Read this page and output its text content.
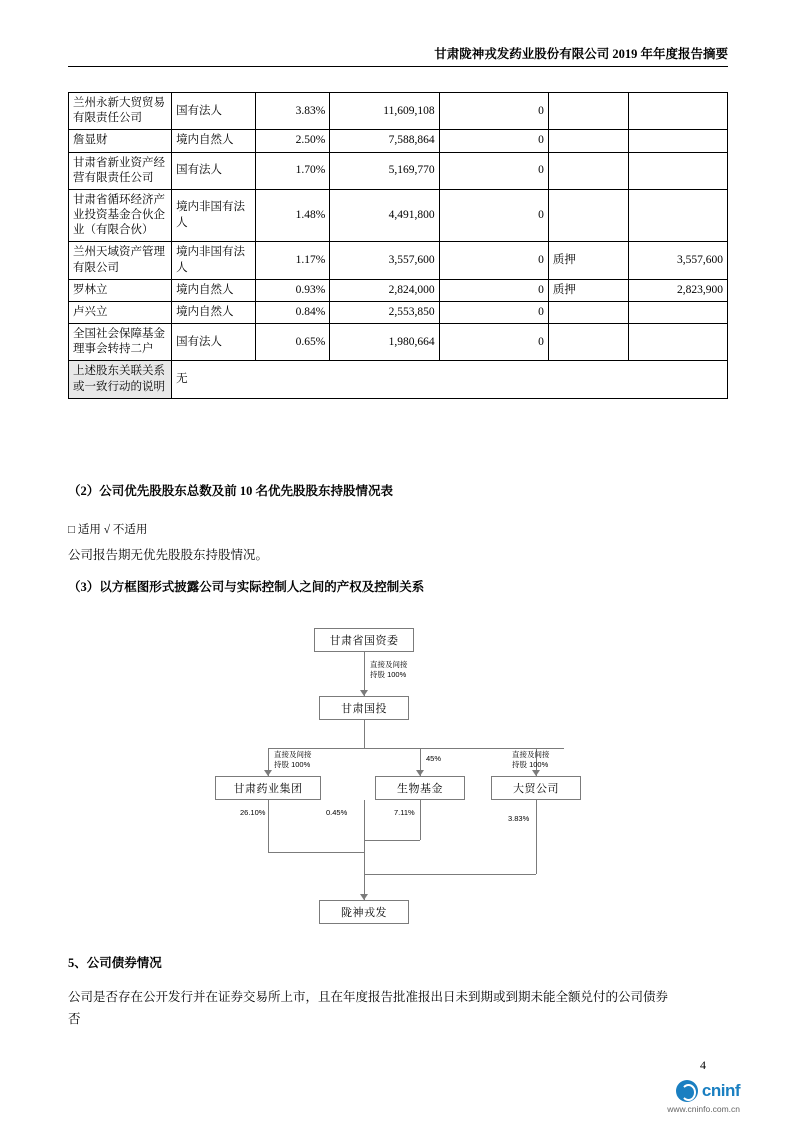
甘肃陇神戎发药业股份有限公司 2019 年年度报告摘要
兰州永新大贸贸易有限责任公司	国有法人	3.83%	11,609,108	0		
詹显财	境内自然人	2.50%	7,588,864	0		
甘肃省新业资产经营有限责任公司	国有法人	1.70%	5,169,770	0		
甘肃省循环经济产业投资基金合伙企业（有限合伙）	境内非国有法人	1.48%	4,491,800	0		
兰州天域资产管理有限公司	境内非国有法人	1.17%	3,557,600	0	质押	3,557,600
罗林立	境内自然人	0.93%	2,824,000	0	质押	2,823,900
卢兴立	境内自然人	0.84%	2,553,850	0		
全国社会保障基金理事会转持二户	国有法人	0.65%	1,980,664	0		
上述股东关联关系或一致行动的说明	无					
（2）公司优先股股东总数及前 10 名优先股股东持股情况表
□ 适用 √ 不适用
公司报告期无优先股股东持股情况。
（3）以方框图形式披露公司与实际控制人之间的产权及控制关系
甘肃省国资委
直接及间接
持股 100%
甘肃国投
直接及间接
持股 100%
45%	直接及间接
持股 100%
甘肃药业集团	生物基金	大贸公司
26.10%	0.45%	7.11%
3.83%
陇神戎发
5、公司债券情况
公司是否存在公开发行并在证券交易所上市，且在年度报告批准报出日未到期或到期未能全额兑付的公司债券
否
4
cninf
www.cninfo.com.cn
